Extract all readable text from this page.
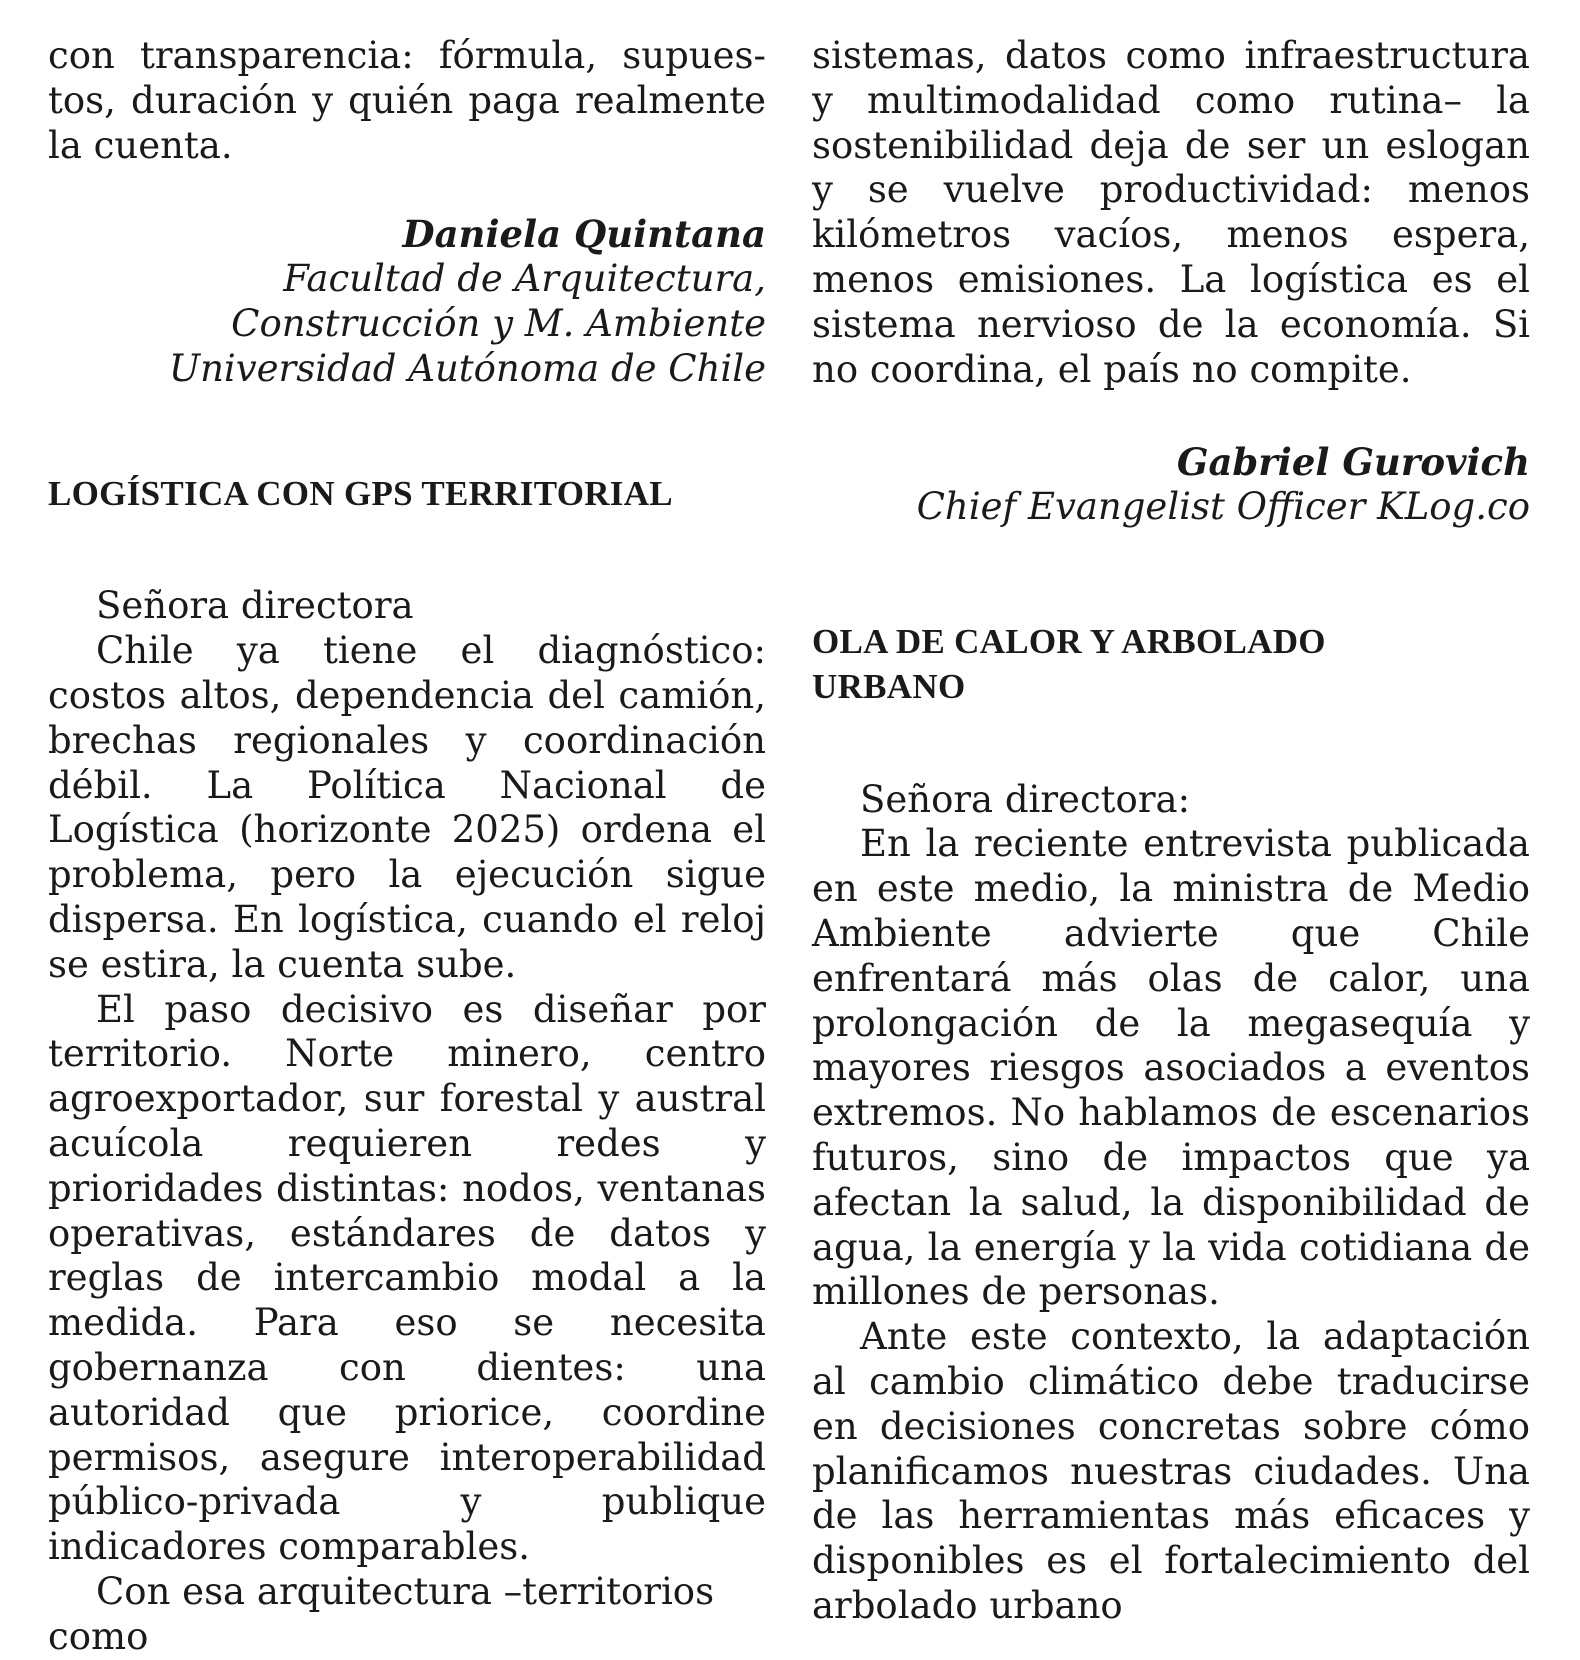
con transparencia: fórmula, supuestos, duración y quién paga realmente la cuenta.

Daniela Quintana

Facultad de Arquitectura,

Construcción y M. Ambiente

Universidad Autónoma de Chile

LOGÍSTICA CON GPS TERRITORIAL

Señora directora

Chile ya tiene el diagnóstico: costos altos, dependencia del camión, brechas regionales y coordinación débil. La Política Nacional de Logística (horizonte 2025) ordena el problema, pero la ejecución sigue dispersa. En logística, cuando el reloj se estira, la cuenta sube.

El paso decisivo es diseñar por territorio. Norte minero, centro agroexportador, sur forestal y austral acuícola requieren redes y prioridades distintas: nodos, ventanas operativas, estándares de datos y reglas de intercambio modal a la medida. Para eso se necesita gobernanza con dientes: una autoridad que priorice, coordine permisos, asegure interoperabilidad público-privada y publique indicadores comparables.

Con esa arquitectura –territorios como

sistemas, datos como infraestructura y multimodalidad como rutina– la sostenibilidad deja de ser un eslogan y se vuelve productividad: menos kilómetros vacíos, menos espera, menos emisiones. La logística es el sistema nervioso de la economía. Si no coordina, el país no compite.

Gabriel Gurovich

Chief Evangelist Officer KLog.co

OLA DE CALOR Y ARBOLADO URBANO

Señora directora:

En la reciente entrevista publicada en este medio, la ministra de Medio Ambiente advierte que Chile enfrentará más olas de calor, una prolongación de la megasequía y mayores riesgos asociados a eventos extremos. No hablamos de escenarios futuros, sino de impactos que ya afectan la salud, la disponibilidad de agua, la energía y la vida cotidiana de millones de personas.

Ante este contexto, la adaptación al cambio climático debe traducirse en decisiones concretas sobre cómo planificamos nuestras ciudades. Una de las herramientas más eficaces y disponibles es el fortalecimiento del arbolado urbano
